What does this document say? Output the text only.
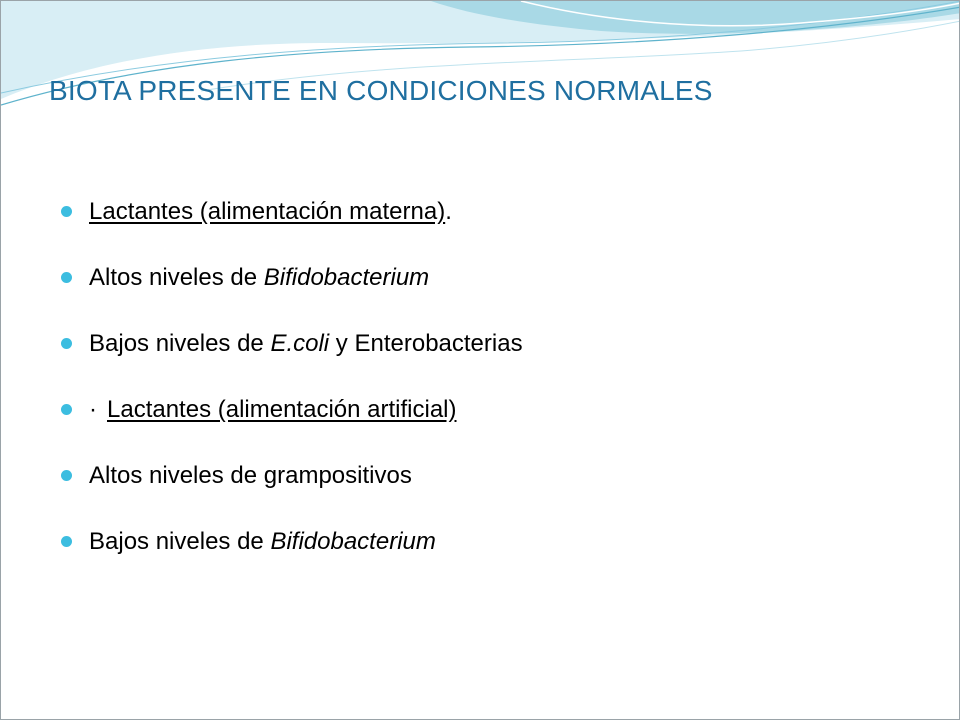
BIOTA PRESENTE EN CONDICIONES NORMALES
Lactantes (alimentación materna).
Altos niveles de Bifidobacterium
Bajos niveles de E.coli y Enterobacterias
· Lactantes (alimentación artificial)
Altos niveles de grampositivos
Bajos niveles de Bifidobacterium
